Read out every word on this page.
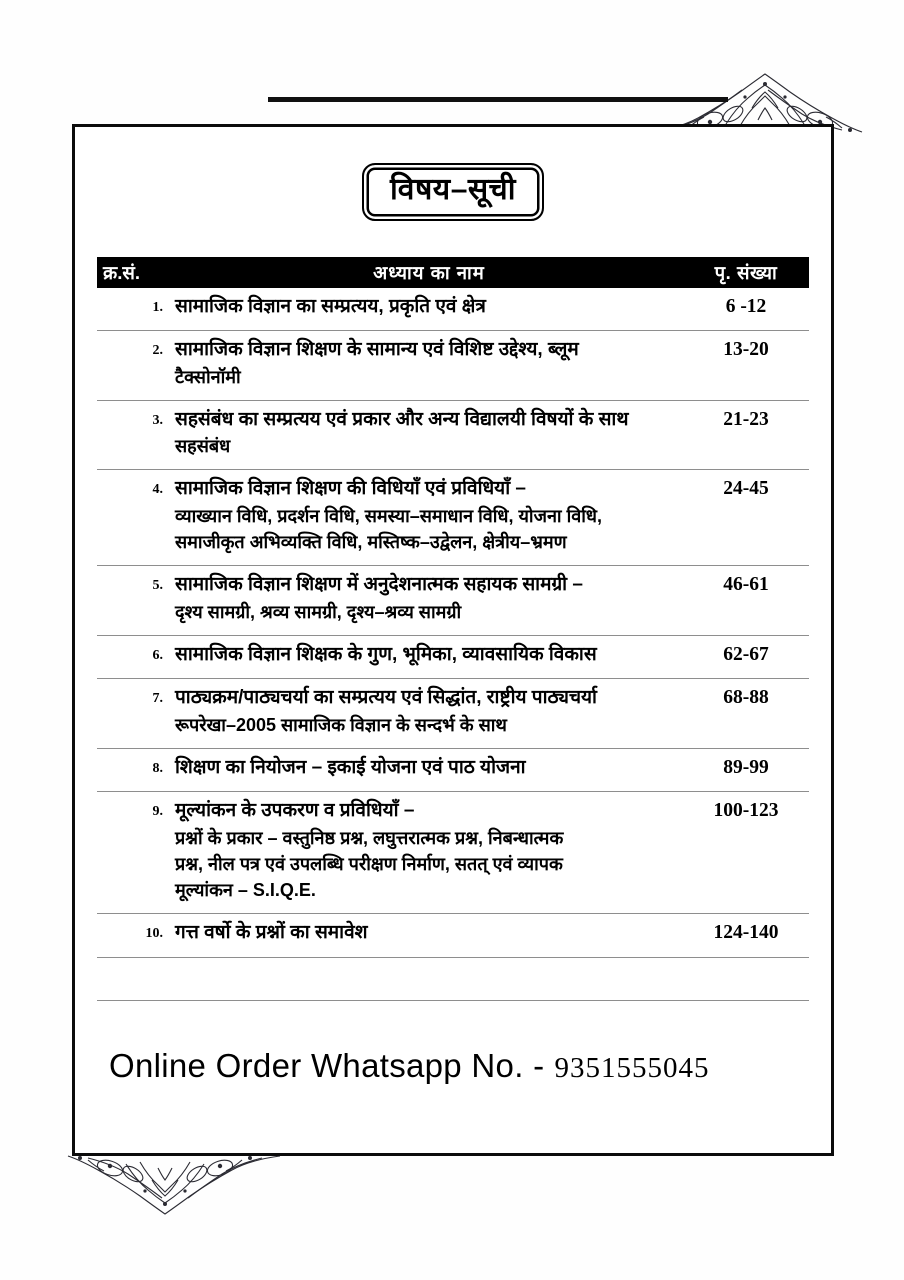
विषय–सूची
क्र.सं.	अध्याय का नाम	पृ. संख्या
1. सामाजिक विज्ञान का सम्प्रत्यय, प्रकृति एवं क्षेत्र	6 -12
2. सामाजिक विज्ञान शिक्षण के सामान्य एवं विशिष्ट उद्देश्य, ब्लूम
टैक्सोनॉमी
13-20
3. सहसंबंध का सम्प्रत्यय एवं प्रकार और अन्य विद्यालयी विषयों के साथ
सहसंबंध
21-23
4. सामाजिक विज्ञान शिक्षण की विधियाँ एवं प्रविधियाँ –
व्याख्यान विधि, प्रदर्शन विधि, समस्या–समाधान विधि, योजना विधि,
समाजीकृत अभिव्यक्ति विधि, मस्तिष्क–उद्वेलन, क्षेत्रीय–भ्रमण
24-45
5. सामाजिक विज्ञान शिक्षण में अनुदेशनात्मक सहायक सामग्री –
दृश्य सामग्री, श्रव्य सामग्री, दृश्य–श्रव्य सामग्री
46-61
6. सामाजिक विज्ञान शिक्षक के गुण, भूमिका, व्यावसायिक विकास	62-67
7. पाठ्यक्रम/पाठ्यचर्या का सम्प्रत्यय एवं सिद्धांत, राष्ट्रीय पाठ्यचर्या
रूपरेखा–2005 सामाजिक विज्ञान के सन्दर्भ के साथ
68-88
8. शिक्षण का नियोजन – इकाई योजना एवं पाठ योजना	89-99
9. मूल्यांकन के उपकरण व प्रविधियाँ –
प्रश्नों के प्रकार – वस्तुनिष्ठ प्रश्न, लघुत्तरात्मक प्रश्न, निबन्धात्मक
प्रश्न, नील पत्र एवं उपलब्धि परीक्षण निर्माण, सतत् एवं व्यापक
मूल्यांकन – S.I.Q.E.
100-123
10. गत्त वर्षो के प्रश्नों का समावेश	124-140
Online Order Whatsapp No. - 9351555045
